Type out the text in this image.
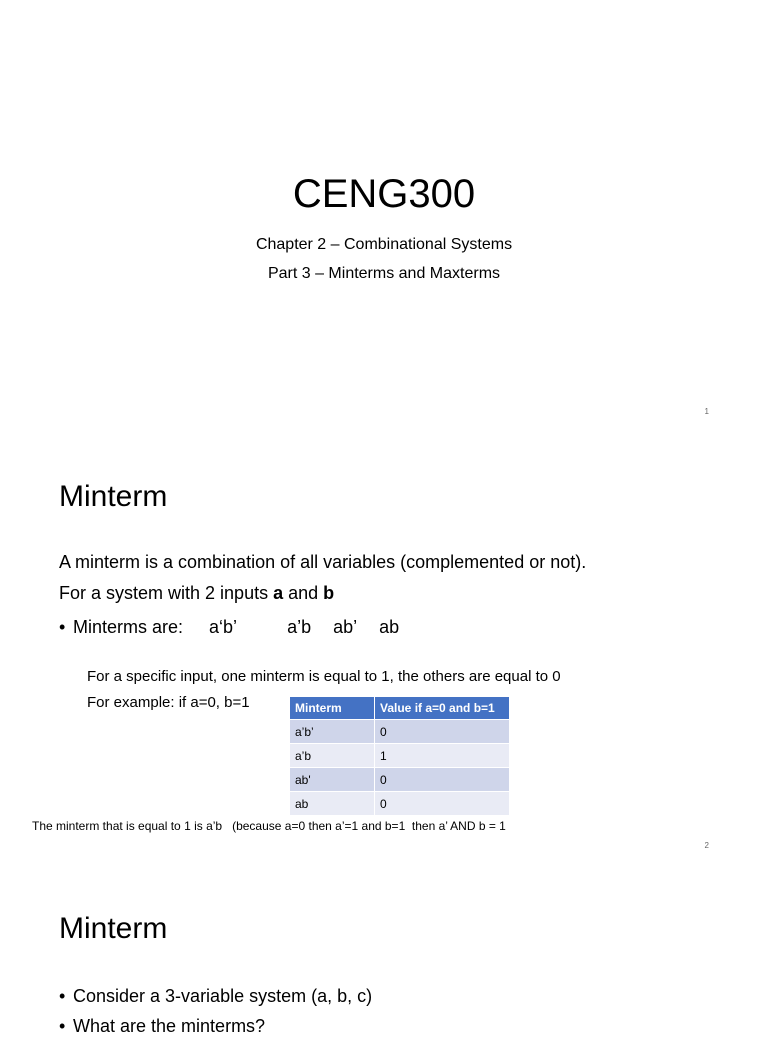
CENG300
Chapter 2 – Combinational Systems
Part 3 – Minterms and Maxterms
1
Minterm
A minterm is a combination of all variables (complemented or not).
For a system with 2 inputs a and b
• Minterms are: a‘b’	a’b ab’ ab
For a specific input, one minterm is equal to 1, the others are equal to 0
For example: if a=0, b=1	Minterm	Value if a=0 and b=1
a’b’	0
a’b	1
ab'	0
ab	0
The minterm that is equal to 1 is a’b   (because a=0 then a’=1 and b=1  then a’ AND b = 1
2
Minterm
• Consider a 3-variable system (a, b, c)
• What are the minterms?
